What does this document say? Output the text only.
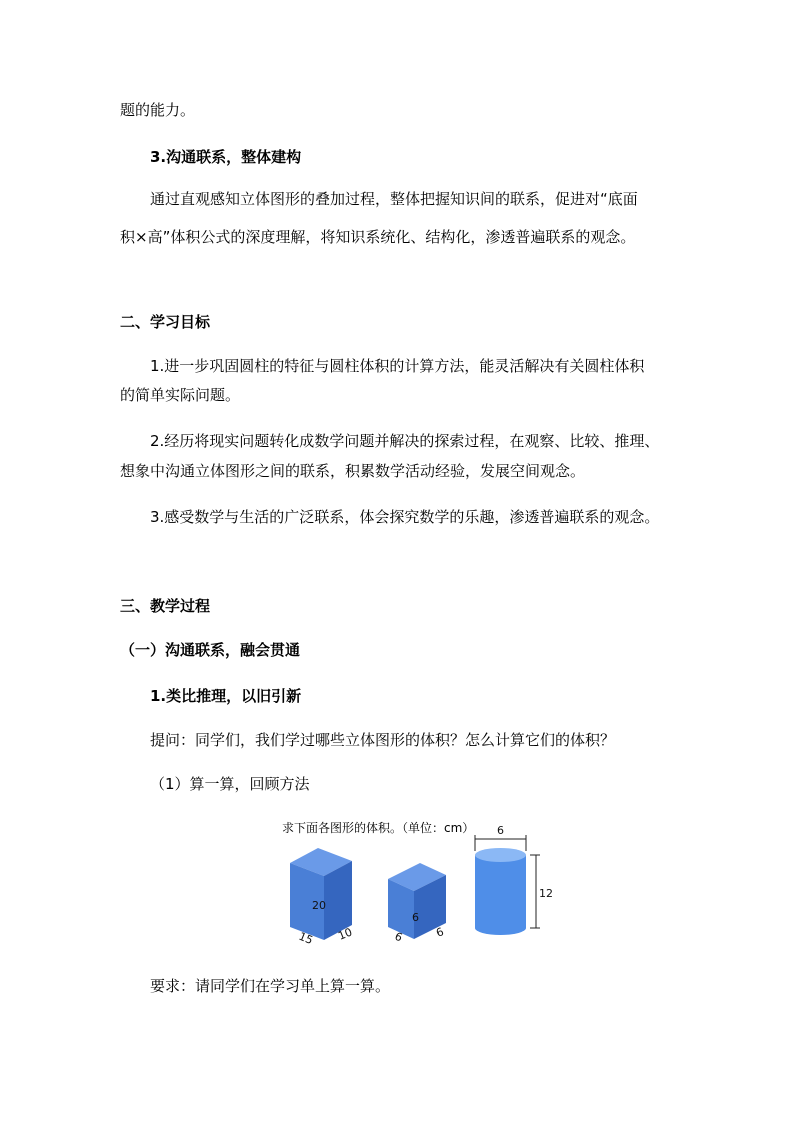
题的能力。
3.沟通联系，整体建构
通过直观感知立体图形的叠加过程，整体把握知识间的联系，促进对“底面
积×高”体积公式的深度理解，将知识系统化、结构化，渗透普遍联系的观念。
二、学习目标
1.进一步巩固圆柱的特征与圆柱体积的计算方法，能灵活解决有关圆柱体积
的简单实际问题。
2.经历将现实问题转化成数学问题并解决的探索过程，在观察、比较、推理、
想象中沟通立体图形之间的联系，积累数学活动经验，发展空间观念。
3.感受数学与生活的广泛联系，体会探究数学的乐趣，渗透普遍联系的观念。
三、教学过程
（一）沟通联系，融会贯通
1.类比推理，以旧引新
提问：同学们，我们学过哪些立体图形的体积？怎么计算它们的体积？
（1）算一算，回顾方法
求下面各图形的体积。（单位：cm）
20
15 10
6
6	6
6
12
要求：请同学们在学习单上算一算。
